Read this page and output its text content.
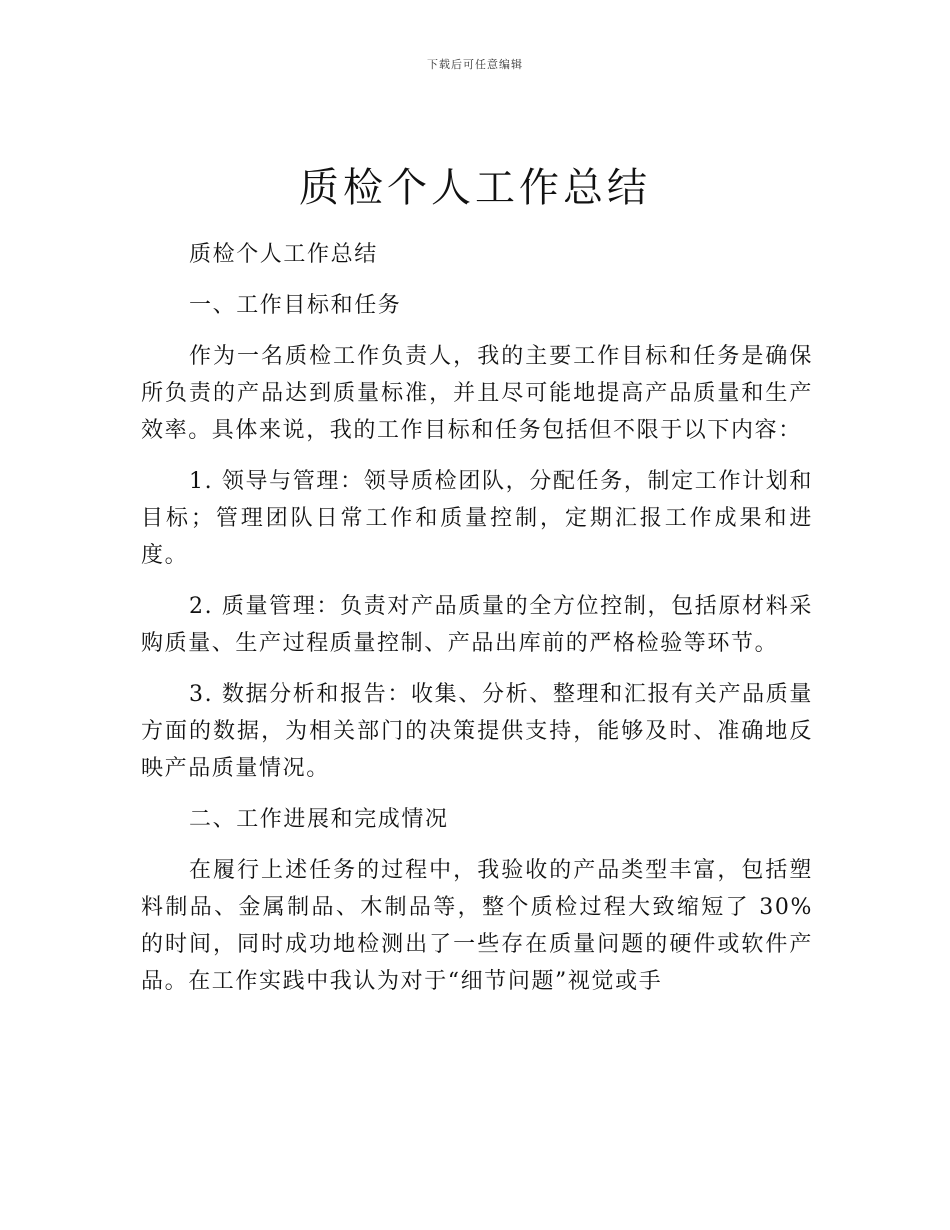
下载后可任意编辑
质检个人工作总结

质检个人工作总结

一、工作目标和任务

作为一名质检工作负责人，我的主要工作目标和任务是确保所负责的产品达到质量标准，并且尽可能地提高产品质量和生产效率。具体来说，我的工作目标和任务包括但不限于以下内容：

1. 领导与管理：领导质检团队，分配任务，制定工作计划和目标；管理团队日常工作和质量控制，定期汇报工作成果和进度。

2. 质量管理：负责对产品质量的全方位控制，包括原材料采购质量、生产过程质量控制、产品出库前的严格检验等环节。

3. 数据分析和报告：收集、分析、整理和汇报有关产品质量方面的数据，为相关部门的决策提供支持，能够及时、准确地反映产品质量情况。

二、工作进展和完成情况

在履行上述任务的过程中，我验收的产品类型丰富，包括塑料制品、金属制品、木制品等，整个质检过程大致缩短了 30% 的时间，同时成功地检测出了一些存在质量问题的硬件或软件产品。在工作实践中我认为对于“细节问题”视觉或手
